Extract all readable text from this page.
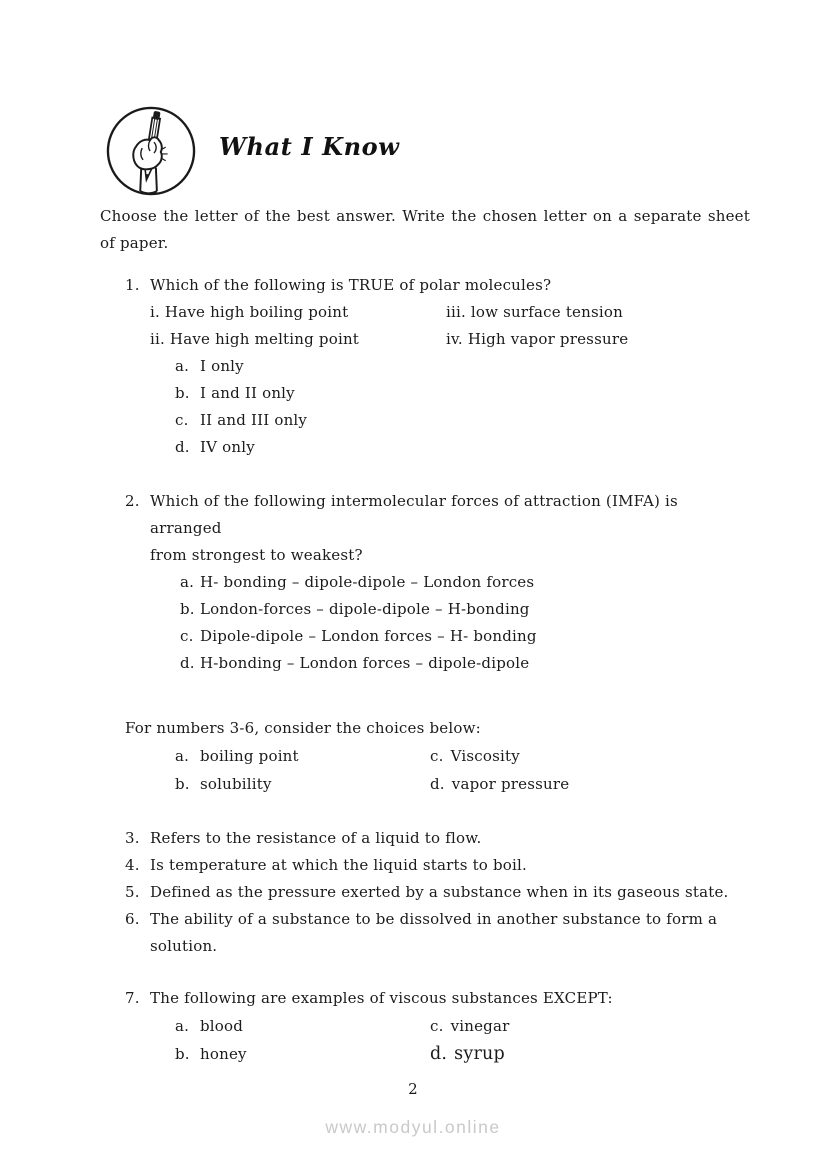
What I Know

Choose the letter of the best answer. Write the chosen letter on a separate sheet of paper.

1. Which of the following is TRUE of polar molecules?
i. Have high boiling point	iii. low surface tension
ii. Have high melting point	iv. High vapor pressure
a. I only
b. I and II only
c. II and III only
d. IV only
2. Which of the following intermolecular forces of attraction (IMFA) is arranged
from strongest to weakest?
a. H- bonding – dipole-dipole – London forces
b. London-forces – dipole-dipole – H-bonding
c. Dipole-dipole – London forces – H- bonding
d. H-bonding – London forces – dipole-dipole
For numbers 3-6, consider the choices below:
a. boiling point	c. Viscosity
b. solubility	d. vapor pressure
3. Refers to the resistance of a liquid to flow.
4. Is temperature at which the liquid starts to boil.
5. Defined as the pressure exerted by a substance when in its gaseous state.
6. The ability of a substance to be dissolved in another substance to form a
solution.
7. The following are examples of viscous substances EXCEPT:
a. blood	c. vinegar
b. honey	d. syrup
2
www.modyul.online
